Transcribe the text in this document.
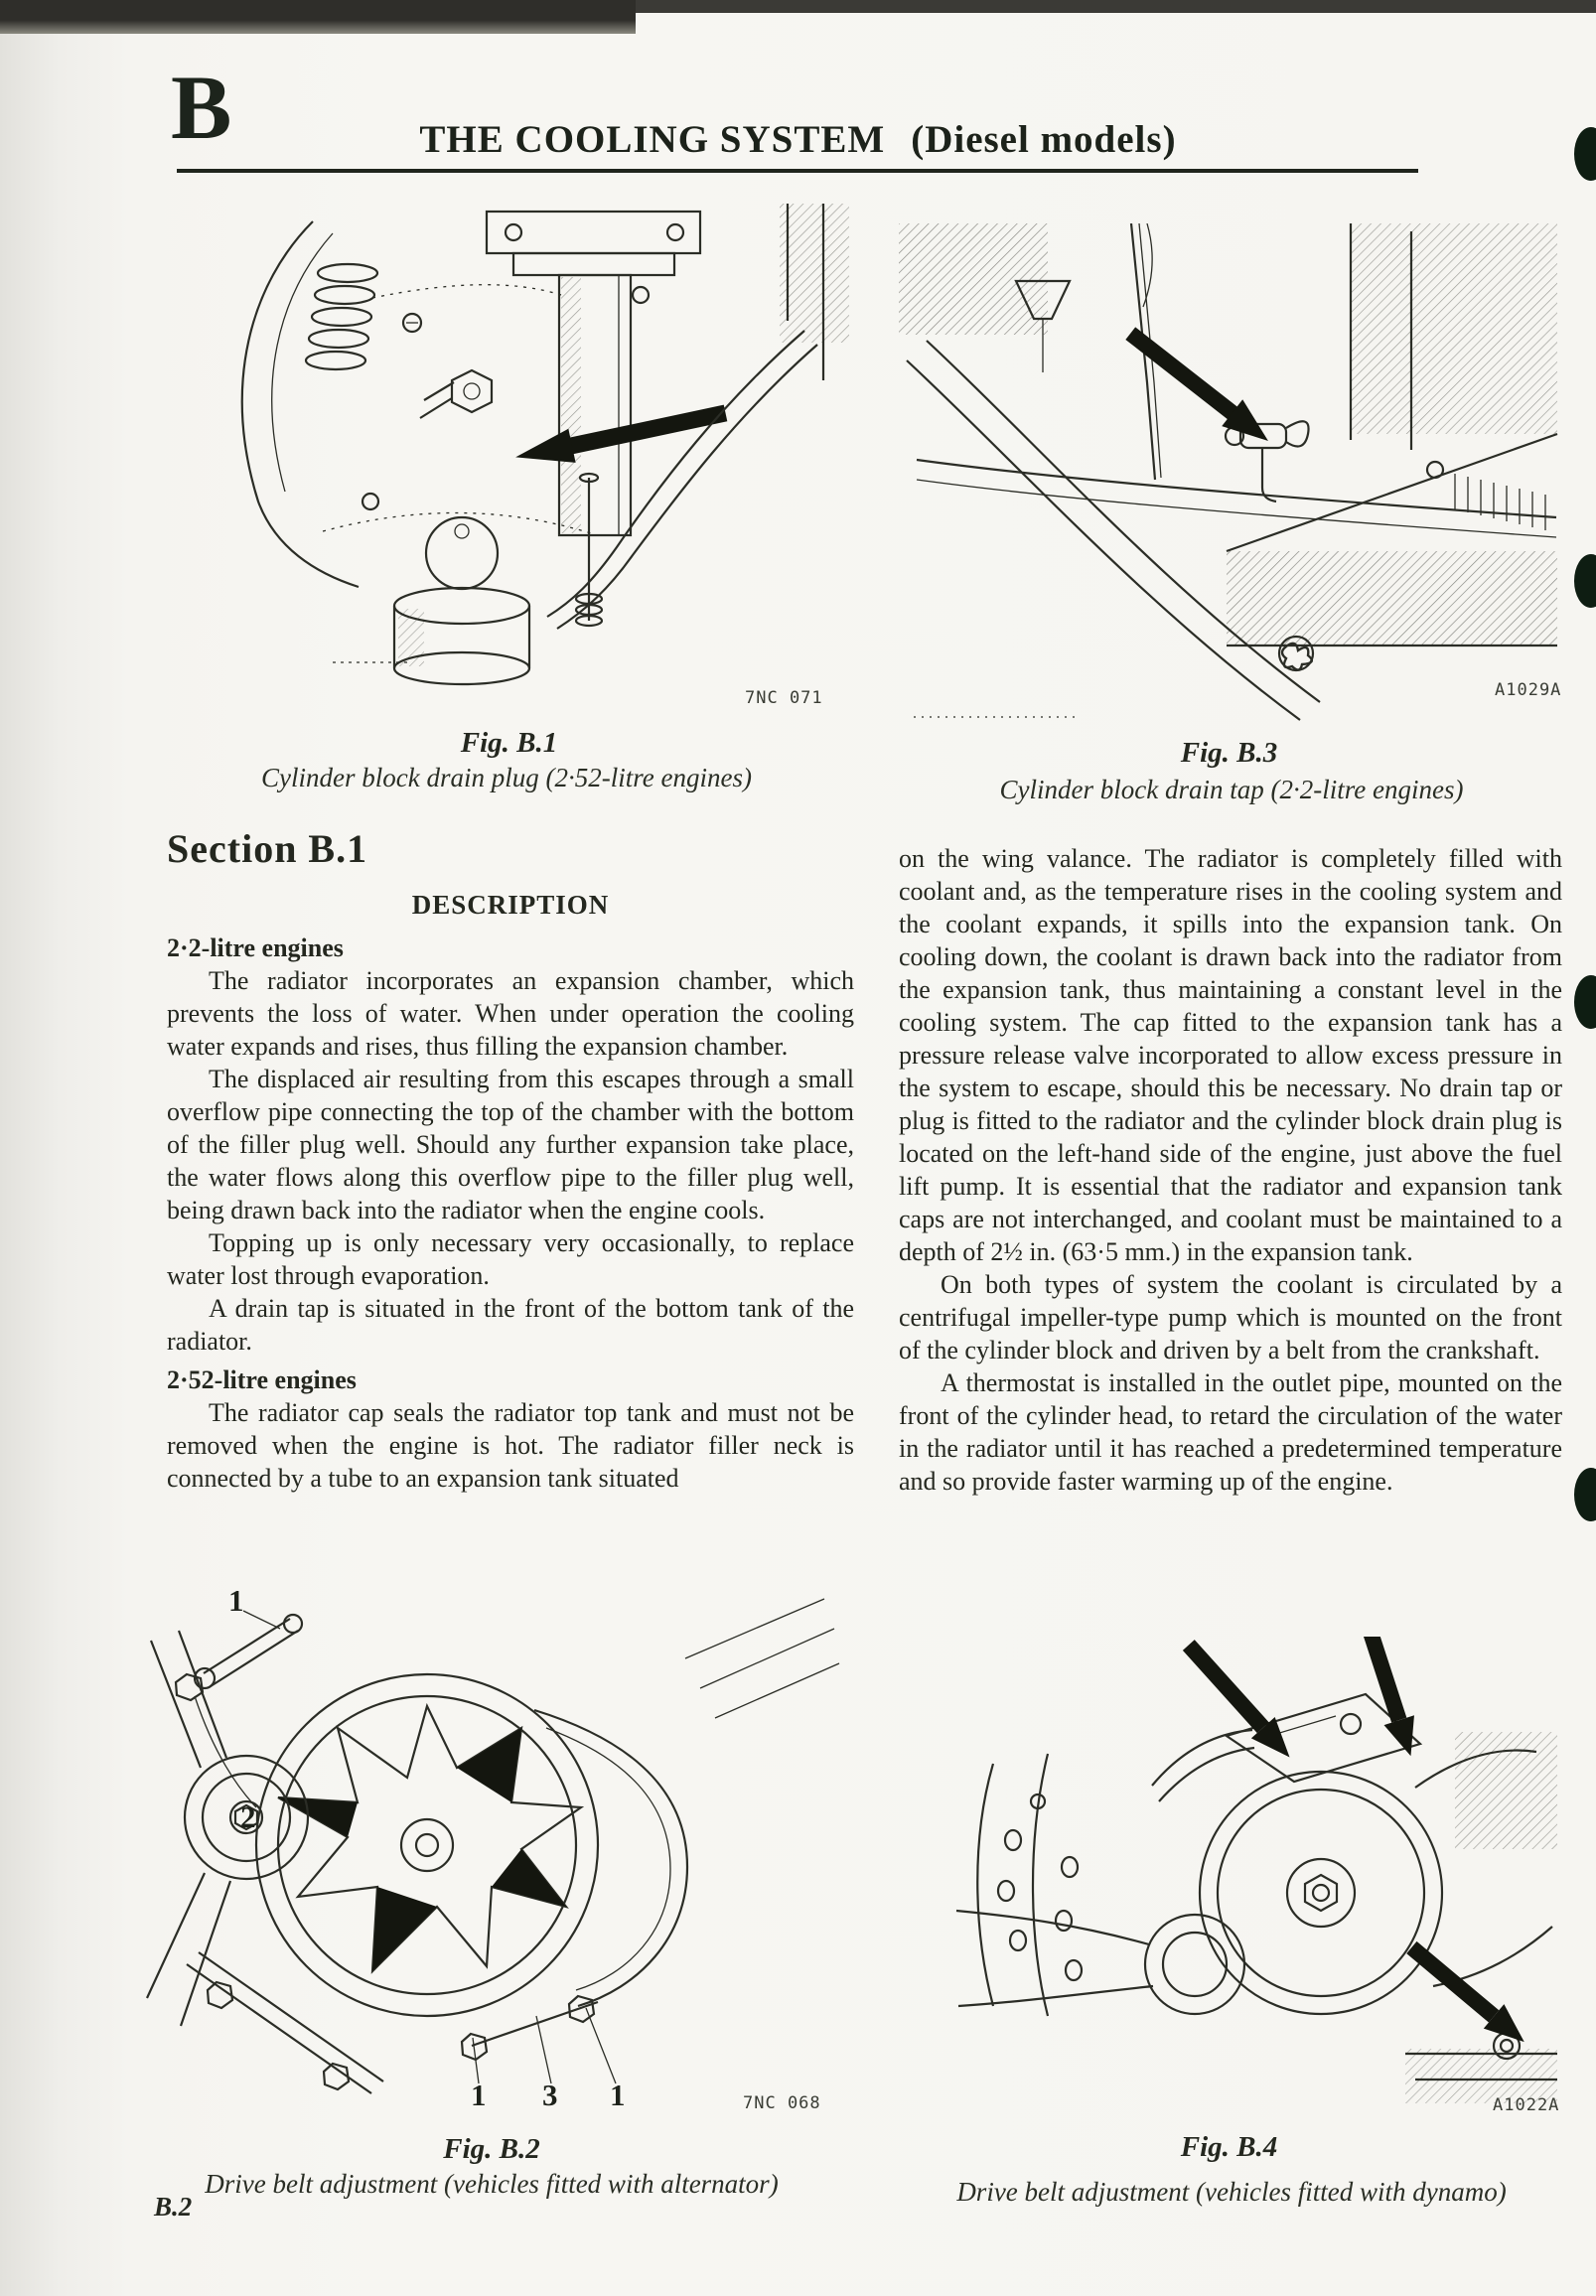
B	THE COOLING SYSTEM (Diesel models)
7NC 071
Fig. B.1
Cylinder block drain plug (2·52-litre engines)
A1029A
Fig. B.3
Cylinder block drain tap (2·2-litre engines)
Section B.1
DESCRIPTION
2·2-litre engines

The radiator incorporates an expansion chamber, which prevents the loss of water. When under operation the cooling water expands and rises, thus filling the expansion chamber.

The displaced air resulting from this escapes through a small overflow pipe connecting the top of the chamber with the bottom of the filler plug well. Should any further expansion take place, the water flows along this overflow pipe to the filler plug well, being drawn back into the radiator when the engine cools.

Topping up is only necessary very occasionally, to replace water lost through evaporation.

A drain tap is situated in the front of the bottom tank of the radiator.

2·52-litre engines

The radiator cap seals the radiator top tank and must not be removed when the engine is hot. The radiator filler neck is connected by a tube to an expansion tank situated

on the wing valance. The radiator is completely filled with coolant and, as the temperature rises in the cooling system and the coolant expands, it spills into the expansion tank. On cooling down, the coolant is drawn back into the radiator from the expansion tank, thus maintaining a constant level in the cooling system. The cap fitted to the expansion tank has a pressure release valve incorporated to allow excess pressure in the system to escape, should this be necessary. No drain tap or plug is fitted to the radiator and the cylinder block drain plug is located on the left-hand side of the engine, just above the fuel lift pump. It is essential that the radiator and expansion tank caps are not interchanged, and coolant must be maintained to a depth of 2½ in. (63·5 mm.) in the expansion tank.

On both types of system the coolant is circulated by a centrifugal impeller-type pump which is mounted on the front of the cylinder block and driven by a belt from the crankshaft.

A thermostat is installed in the outlet pipe, mounted on the front of the cylinder head, to retard the circulation of the water in the radiator until it has reached a predetermined temperature and so provide faster warming up of the engine.

1
2
1 3 1	7NC 068
Fig. B.2
Drive belt adjustment (vehicles fitted with alternator)
B.2
A1022A
Fig. B.4
Drive belt adjustment (vehicles fitted with dynamo)
